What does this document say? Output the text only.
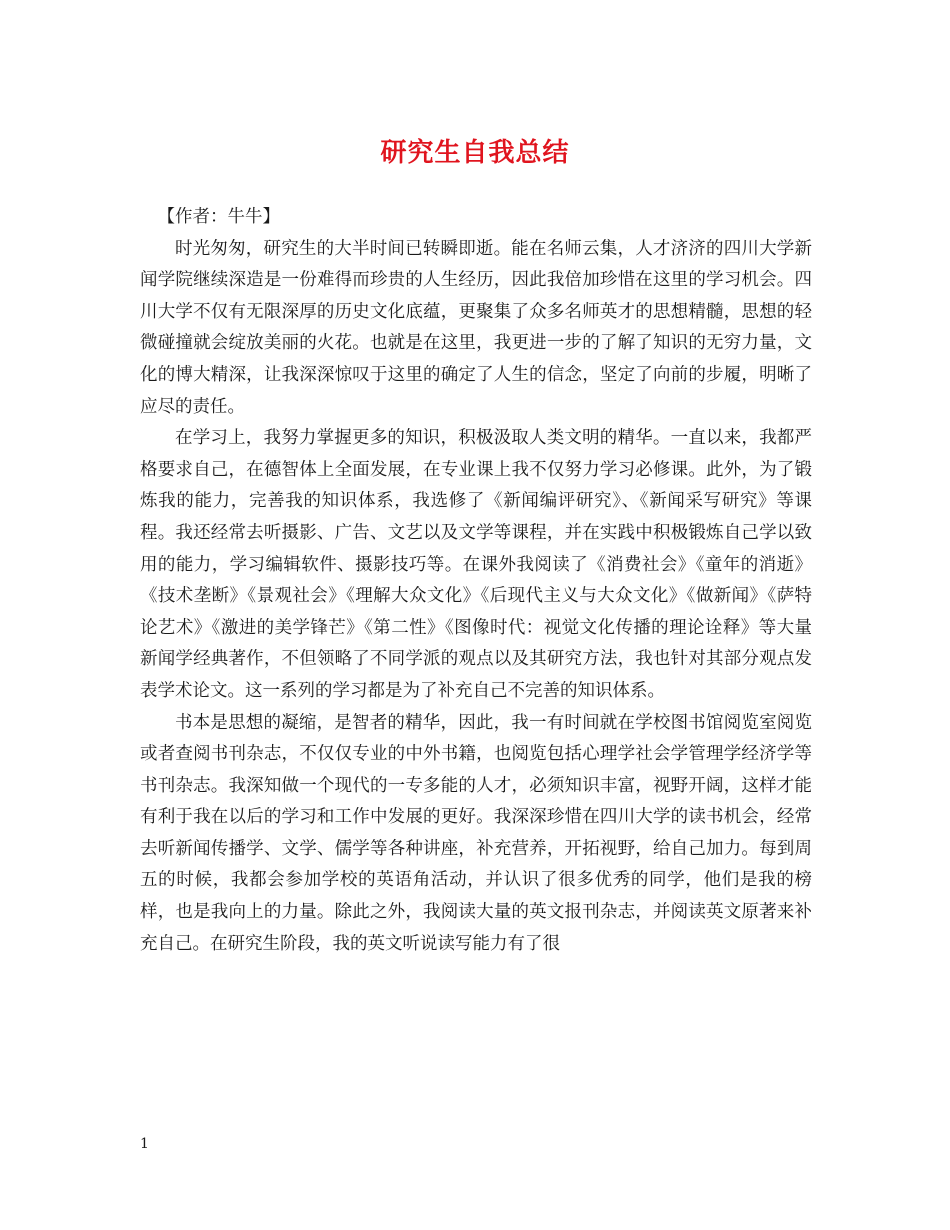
研究生自我总结

【作者：牛牛】

时光匆匆，研究生的大半时间已转瞬即逝。能在名师云集，人才济济的四川大学新闻学院继续深造是一份难得而珍贵的人生经历，因此我倍加珍惜在这里的学习机会。四川大学不仅有无限深厚的历史文化底蕴，更聚集了众多名师英才的思想精髓，思想的轻微碰撞就会绽放美丽的火花。也就是在这里，我更进一步的了解了知识的无穷力量，文化的博大精深，让我深深惊叹于这里的确定了人生的信念，坚定了向前的步履，明晰了应尽的责任。

在学习上，我努力掌握更多的知识，积极汲取人类文明的精华。一直以来，我都严格要求自己，在德智体上全面发展，在专业课上我不仅努力学习必修课。此外，为了锻炼我的能力，完善我的知识体系，我选修了《新闻编评研究》、《新闻采写研究》等课程。我还经常去听摄影、广告、文艺以及文学等课程，并在实践中积极锻炼自己学以致用的能力，学习编辑软件、摄影技巧等。在课外我阅读了《消费社会》《童年的消逝》《技术垄断》《景观社会》《理解大众文化》《后现代主义与大众文化》《做新闻》《萨特论艺术》《激进的美学锋芒》《第二性》《图像时代：视觉文化传播的理论诠释》等大量新闻学经典著作，不但领略了不同学派的观点以及其研究方法，我也针对其部分观点发表学术论文。这一系列的学习都是为了补充自己不完善的知识体系。

书本是思想的凝缩，是智者的精华，因此，我一有时间就在学校图书馆阅览室阅览或者查阅书刊杂志，不仅仅专业的中外书籍，也阅览包括心理学社会学管理学经济学等书刊杂志。我深知做一个现代的一专多能的人才，必须知识丰富，视野开阔，这样才能有利于我在以后的学习和工作中发展的更好。我深深珍惜在四川大学的读书机会，经常去听新闻传播学、文学、儒学等各种讲座，补充营养，开拓视野，给自己加力。每到周五的时候，我都会参加学校的英语角活动，并认识了很多优秀的同学，他们是我的榜样，也是我向上的力量。除此之外，我阅读大量的英文报刊杂志，并阅读英文原著来补充自己。在研究生阶段，我的英文听说读写能力有了很

1
